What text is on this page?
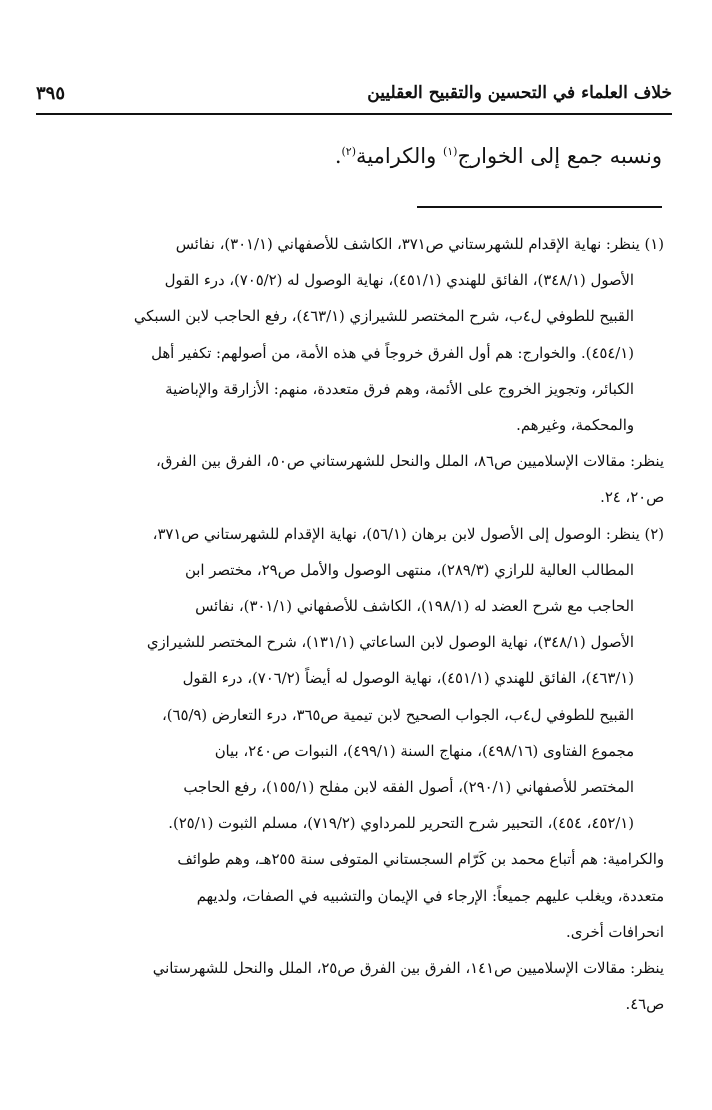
خلاف العلماء في التحسين والتقبيح العقليين
٣٩٥
ونسبه جمع إلى الخوارج$^{(١)}$ والكرامية$^{(٢)}$.
(١) ينظر: نهاية الإقدام للشهرستاني ص٣٧١، الكاشف للأصفهاني (٣٠١/١)، نفائس
الأصول (٣٤٨/١)، الفائق للهندي (٤٥١/١)، نهاية الوصول له (٧٠٥/٢)، درء القول
القبيح للطوفي ل٤ب، شرح المختصر للشيرازي (٤٦٣/١)، رفع الحاجب لابن السبكي
(٤٥٤/١). والخوارج: هم أول الفرق خروجاً في هذه الأمة، من أصولهم: تكفير أهل
الكبائر، وتجويز الخروج على الأئمة، وهم فرق متعددة، منهم: الأزارقة والإباضية
والمحكمة، وغيرهم.
ينظر: مقالات الإسلاميين ص٨٦، الملل والنحل للشهرستاني ص٥٠، الفرق بين الفرق،
ص٢٠، ٢٤.
(٢) ينظر: الوصول إلى الأصول لابن برهان (٥٦/١)، نهاية الإقدام للشهرستاني ص٣٧١،
المطالب العالية للرازي (٢٨٩/٣)، منتهى الوصول والأمل ص٢٩، مختصر ابن
الحاجب مع شرح العضد له (١٩٨/١)، الكاشف للأصفهاني (٣٠١/١)، نفائس
الأصول (٣٤٨/١)، نهاية الوصول لابن الساعاتي (١٣١/١)، شرح المختصر للشيرازي
(٤٦٣/١)، الفائق للهندي (٤٥١/١)، نهاية الوصول له أيضاً (٧٠٦/٢)، درء القول
القبيح للطوفي ل٤ب، الجواب الصحيح لابن تيمية ص٣٦٥، درء التعارض (٦٥/٩)،
مجموع الفتاوى (٤٩٨/١٦)، منهاج السنة (٤٩٩/١)، النبوات ص٢٤٠، بيان
المختصر للأصفهاني (٢٩٠/١)، أصول الفقه لابن مفلح (١٥٥/١)، رفع الحاجب
(٤٥٢/١، ٤٥٤)، التحبير شرح التحرير للمرداوي (٧١٩/٢)، مسلم الثبوت (٢٥/١).
والكرامية: هم أتباع محمد بن كَرّام السجستاني المتوفى سنة ٢٥٥هـ، وهم طوائف
متعددة، ويغلب عليهم جميعاً: الإرجاء في الإيمان والتشبيه في الصفات، ولديهم
انحرافات أخرى.
ينظر: مقالات الإسلاميين ص١٤١، الفرق بين الفرق ص٢٥، الملل والنحل للشهرستاني
ص٤٦.
